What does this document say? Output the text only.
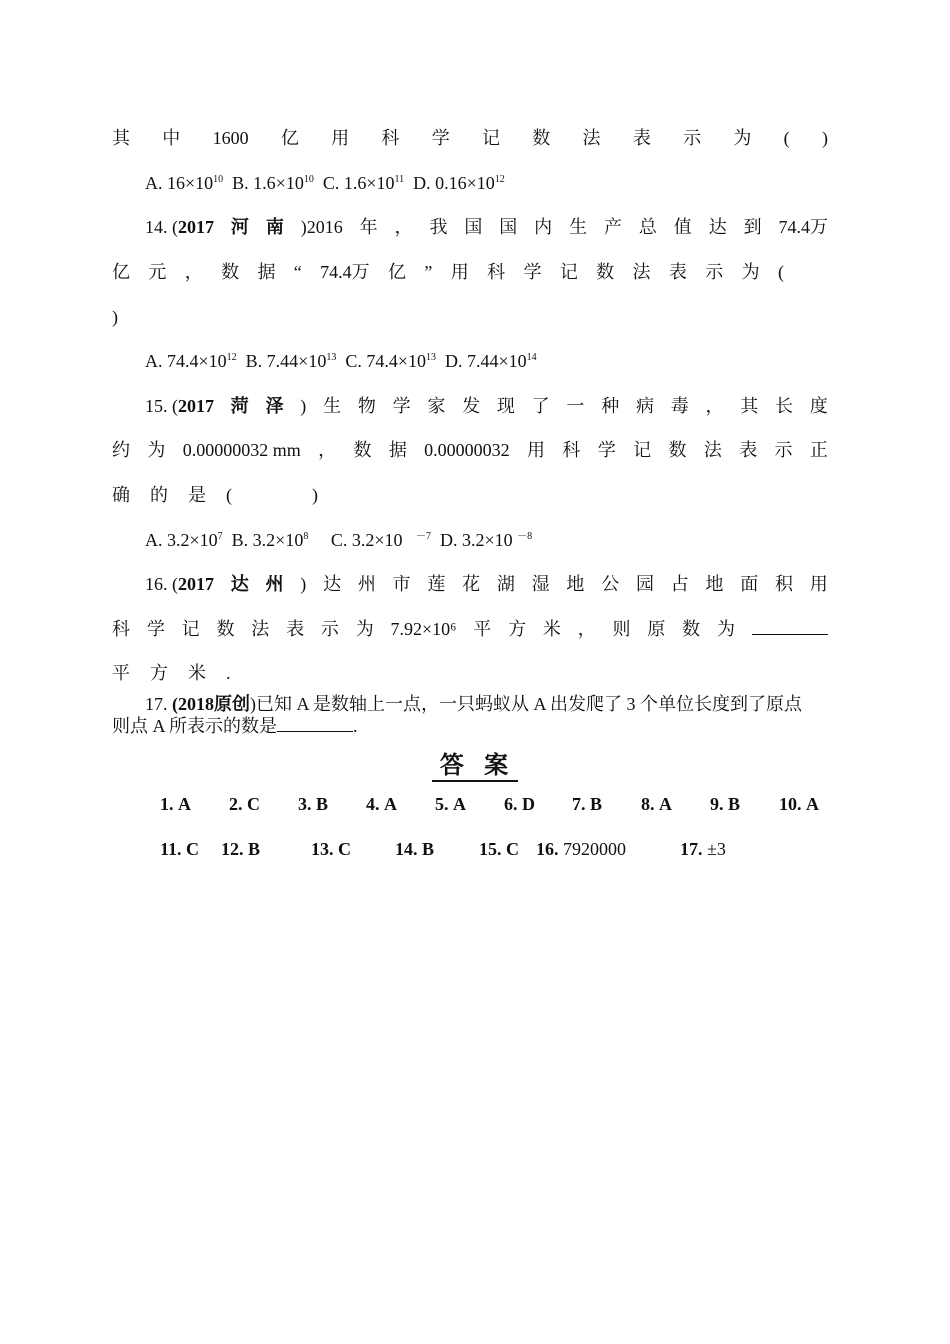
其 中 1600 亿 用 科 学 记 数 法 表 示 为 ( )
A. $16\times 10^{10}$ B. $1.6\times 10^{10}$ C. $1.6\times 10^{11}$ D. $0.16\times 10^{12}$
14. (2017 河 南 )2016 年 ， 我 国 国 内 生 产 总 值 达 到 74.4万
亿 元 ， 数 据 “ 74.4万 亿 ” 用 科 学 记 数 法 表 示 为 (
)
A. $74.4\times 10^{12}$ B. $7.44\times 10^{13}$ C. $74.4\times 10^{13}$ D. $7.44\times 10^{14}$
15. (2017 菏 泽 ) 生 物 学 家 发 现 了 一 种 病 毒 ， 其 长 度
约 为 0.00000032 mm ， 数 据 0.00000032 用 科 学 记 数 法 表 示 正
确 的 是 (	)
A. $3.2\times 10^7$ B. $3.2\times 10^8$ C. 3.2×10 $^{-7}$ D. 3.2×10 $^{-8}$
16. (2017 达 州 ) 达 州 市 莲 花 湖 湿 地 公 园 占 地 面 积 用
科 学 记 数 法 表 示 为 7.92×10⁶ 平 方 米 ， 则 原 数 为
平 方 米 .
17. (2018原创)已知 A 是数轴上一点，一只蚂蚁从 A 出发爬了 3 个单位长度到了原点
则点 A 所表示的数是	.
答 案
1. A 2. C 3. B 4. A 5. A 6. D 7. B 8. A 9. B 10. A
11. C 12. B	13. C 14. B 15. C 16. 7920000	17. ±3
